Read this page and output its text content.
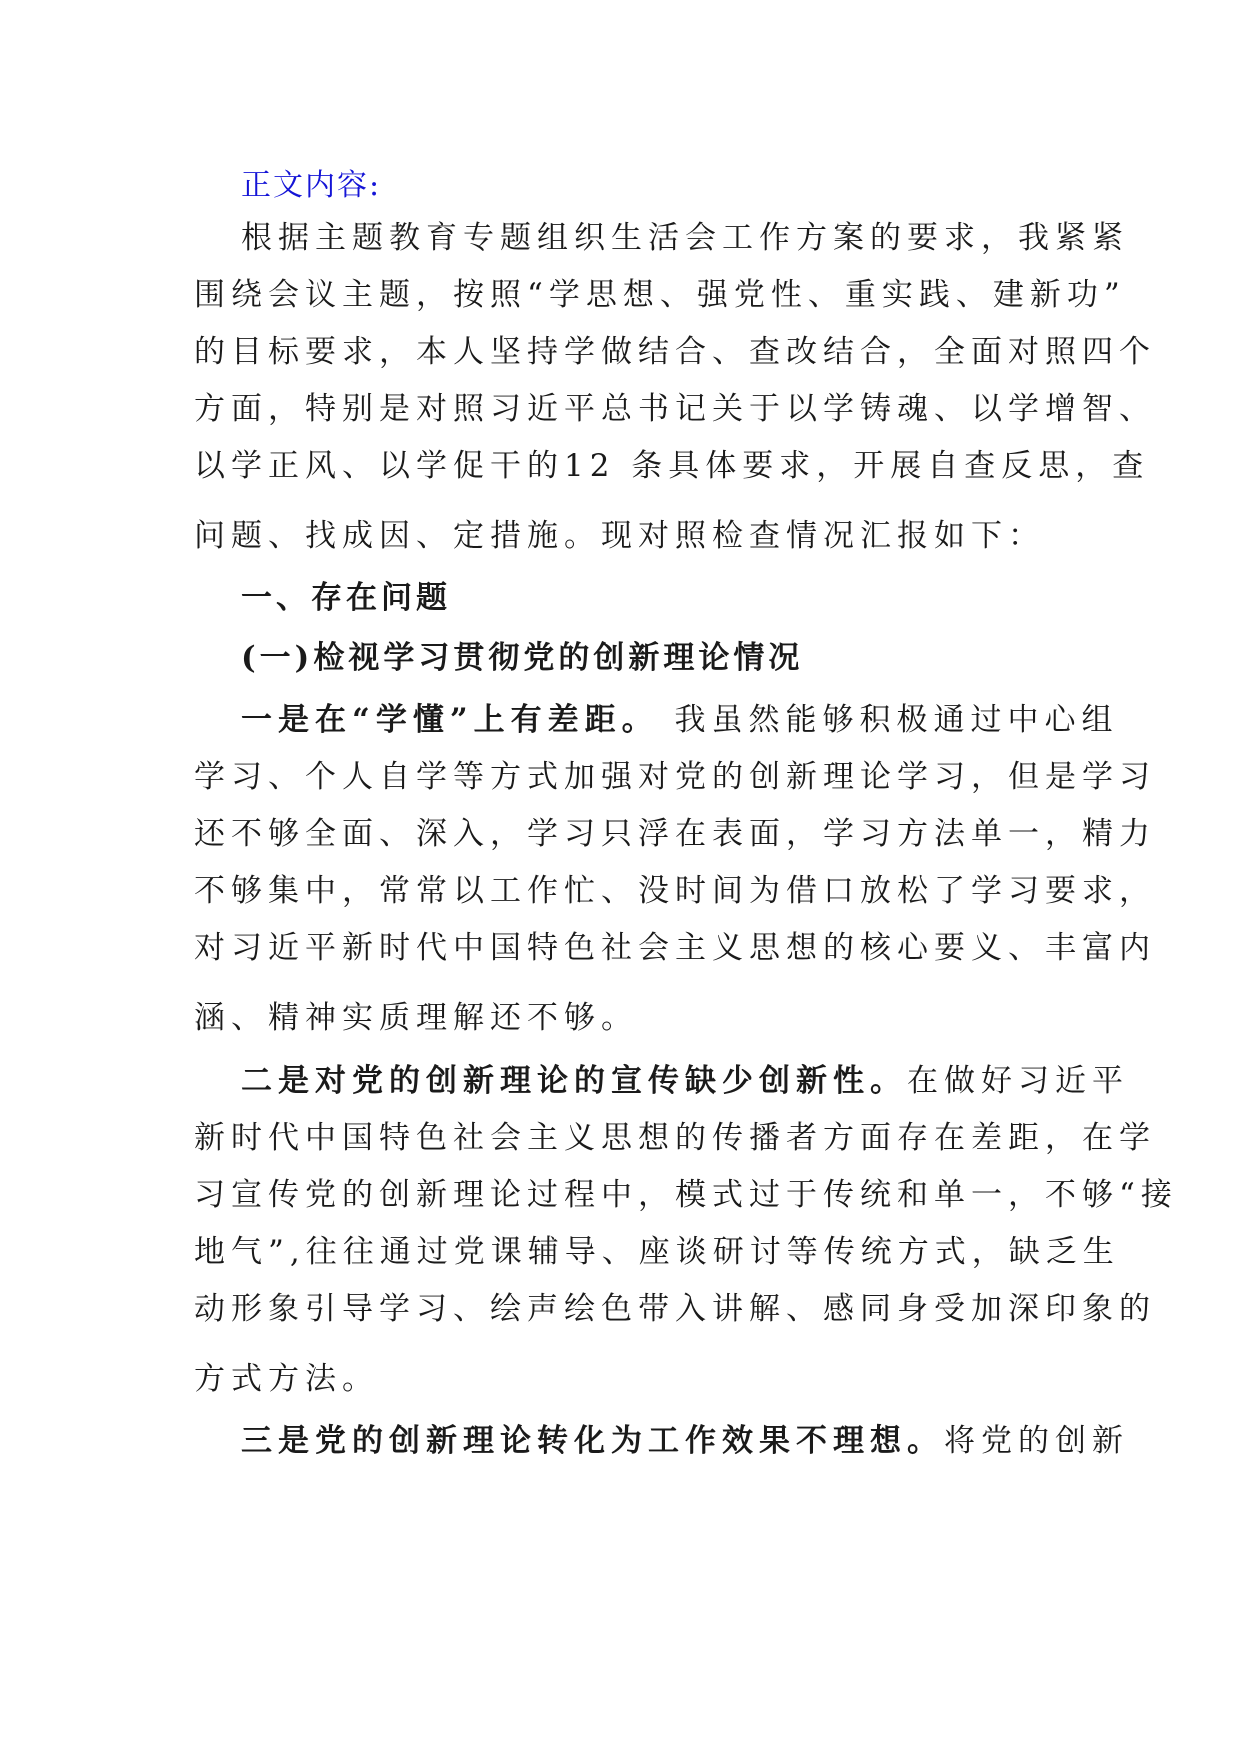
正文内容:
根据主题教育专题组织生活会工作方案的要求，我紧紧
围绕会议主题，按照“学思想、强党性、重实践、建新功”
的目标要求，本人坚持学做结合、查改结合，全面对照四个
方面，特别是对照习近平总书记关于以学铸魂、以学增智、
以学正风、以学促干的12 条具体要求，开展自查反思，查
问题、找成因、定措施。现对照检查情况汇报如下：
一、存在问题
(一)检视学习贯彻党的创新理论情况
一是在“学懂”上有差距。 我虽然能够积极通过中心组
学习、个人自学等方式加强对党的创新理论学习，但是学习
还不够全面、深入，学习只浮在表面，学习方法单一，精力
不够集中，常常以工作忙、没时间为借口放松了学习要求，
对习近平新时代中国特色社会主义思想的核心要义、丰富内
涵、精神实质理解还不够。
二是对党的创新理论的宣传缺少创新性。在做好习近平
新时代中国特色社会主义思想的传播者方面存在差距，在学
习宣传党的创新理论过程中，模式过于传统和单一，不够“接
地气”,往往通过党课辅导、座谈研讨等传统方式，缺乏生
动形象引导学习、绘声绘色带入讲解、感同身受加深印象的
方式方法。
三是党的创新理论转化为工作效果不理想。将党的创新
